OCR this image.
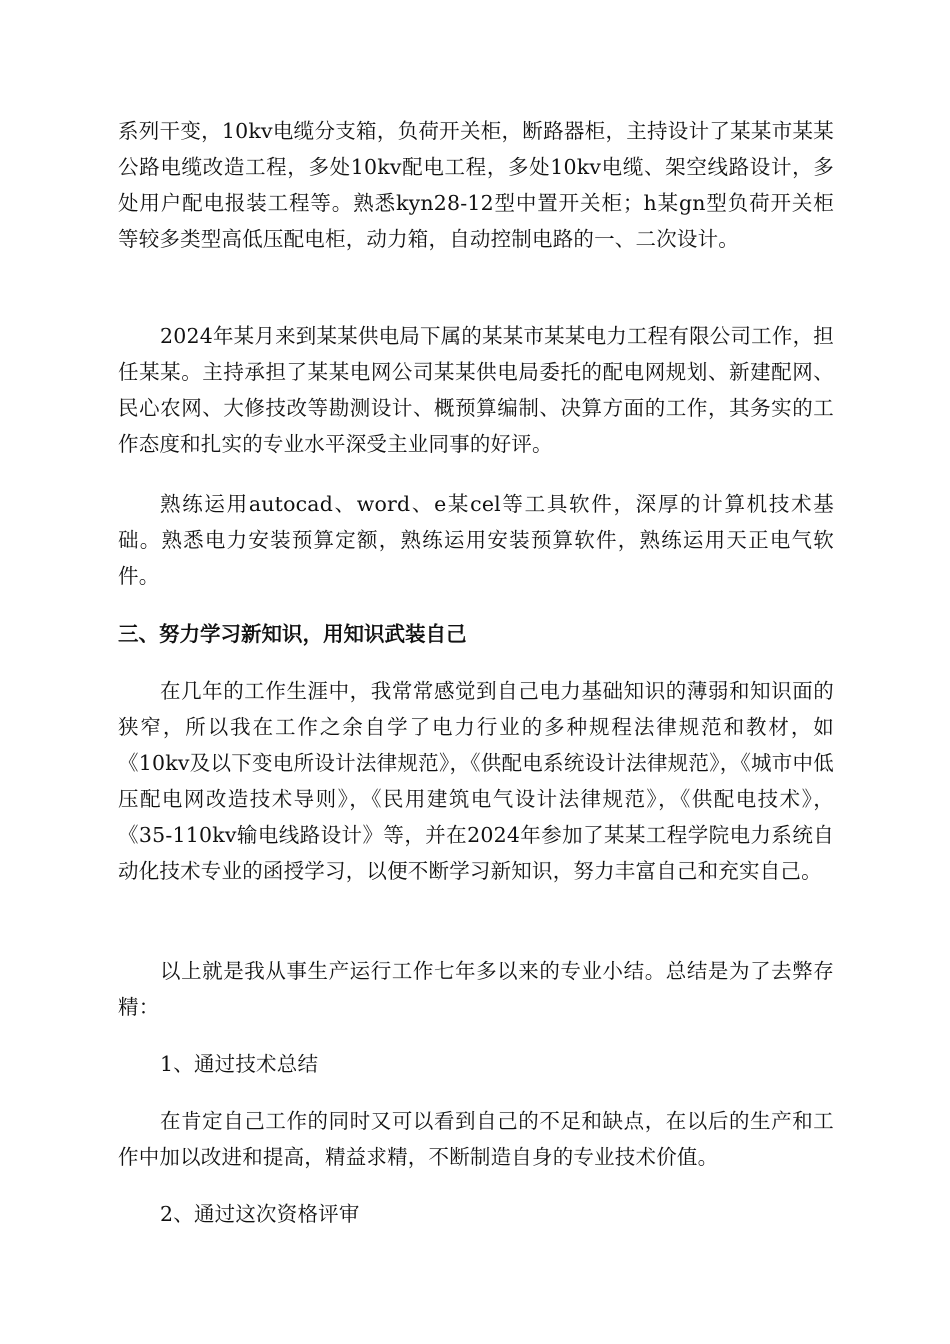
系列干变，10kv电缆分支箱，负荷开关柜，断路器柜，主持设计了某某市某某公路电缆改造工程，多处10kv配电工程，多处10kv电缆、架空线路设计，多处用户配电报装工程等。熟悉kyn28-12型中置开关柜；h某gn型负荷开关柜等较多类型高低压配电柜，动力箱，自动控制电路的一、二次设计。

2024年某月来到某某供电局下属的某某市某某电力工程有限公司工作，担任某某。主持承担了某某电网公司某某供电局委托的配电网规划、新建配网、民心农网、大修技改等勘测设计、概预算编制、决算方面的工作，其务实的工作态度和扎实的专业水平深受主业同事的好评。

熟练运用autocad、word、e某cel等工具软件，深厚的计算机技术基础。熟悉电力安装预算定额，熟练运用安装预算软件，熟练运用天正电气软件。

三、努力学习新知识，用知识武装自己

在几年的工作生涯中，我常常感觉到自己电力基础知识的薄弱和知识面的狭窄，所以我在工作之余自学了电力行业的多种规程法律规范和教材，如《10kv及以下变电所设计法律规范》，《供配电系统设计法律规范》，《城市中低压配电网改造技术导则》，《民用建筑电气设计法律规范》，《供配电技术》，《35-110kv输电线路设计》等，并在2024年参加了某某工程学院电力系统自动化技术专业的函授学习，以便不断学习新知识，努力丰富自己和充实自己。

以上就是我从事生产运行工作七年多以来的专业小结。总结是为了去弊存精：

1、通过技术总结

在肯定自己工作的同时又可以看到自己的不足和缺点，在以后的生产和工作中加以改进和提高，精益求精，不断制造自身的专业技术价值。

2、通过这次资格评审
